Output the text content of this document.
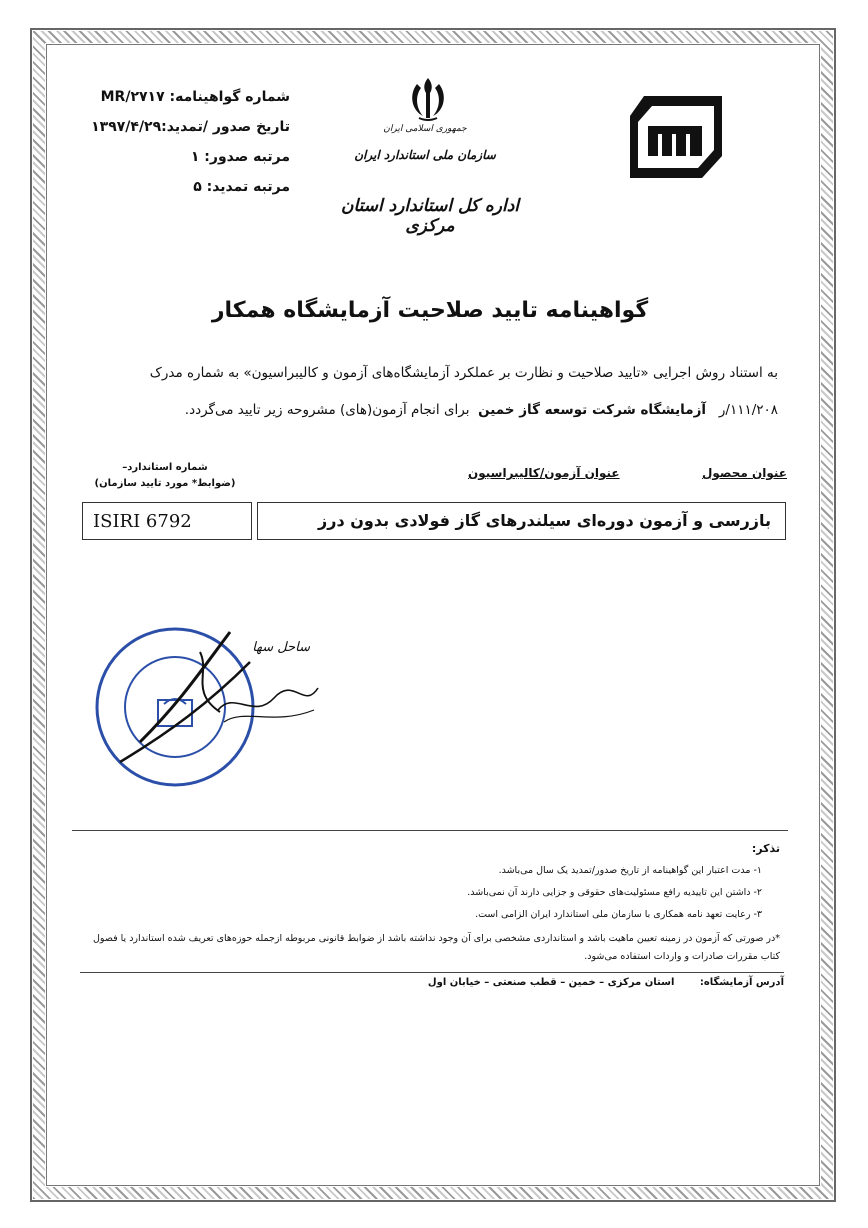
جمهوری اسلامی ایران
سازمان ملی استاندارد ایران
اداره کل استاندارد استان مرکزی
شماره گواهینامه: MR/۲۷۱۷
تاریخ صدور /تمدید:۱۳۹۷/۴/۲۹
مرتبه صدور: ۱
مرتبه تمدید: ۵
گواهینامه تایید صلاحیت آزمایشگاه همکار
به استناد روش اجرایی «تایید صلاحیت و نظارت بر عملکرد آزمایشگاه‌های آزمون و کالیبراسیون» به شماره مدرک
۱۱۱/۲۰۸/ر   آزمایشگاه شرکت توسعه گاز خمین  برای انجام آزمون(های) مشروحه زیر تایید می‌گردد.
عنوان محصول
عنوان آزمون/کالیبراسیون
شماره استاندارد–
(ضوابط* مورد تایید سازمان)
ISIRI 6792	بازرسی و آزمون دوره‌ای سیلندرهای گاز فولادی بدون درز
ساحل سها
تذکر:
۱- مدت اعتبار این گواهینامه از تاریخ صدور/تمدید یک سال می‌باشد.
۲- داشتن این تاییدیه رافع مسئولیت‌های حقوقی و جزایی دارند آن نمی‌باشد.
۳- رعایت تعهد نامه همکاری با سازمان ملی استاندارد ایران الزامی است.
*در صورتی که آزمون در زمینه تعیین ماهیت باشد و استانداردی مشخصی برای آن وجود نداشته باشد از ضوابط قانونی مربوطه ازجمله حوزه‌های تعریف شده استاندارد یا فصول کتاب مقررات صادرات و واردات استفاده می‌شود.
آدرس آزمایشگاه: استان مرکزی – خمین – قطب صنعتی – خیابان اول
